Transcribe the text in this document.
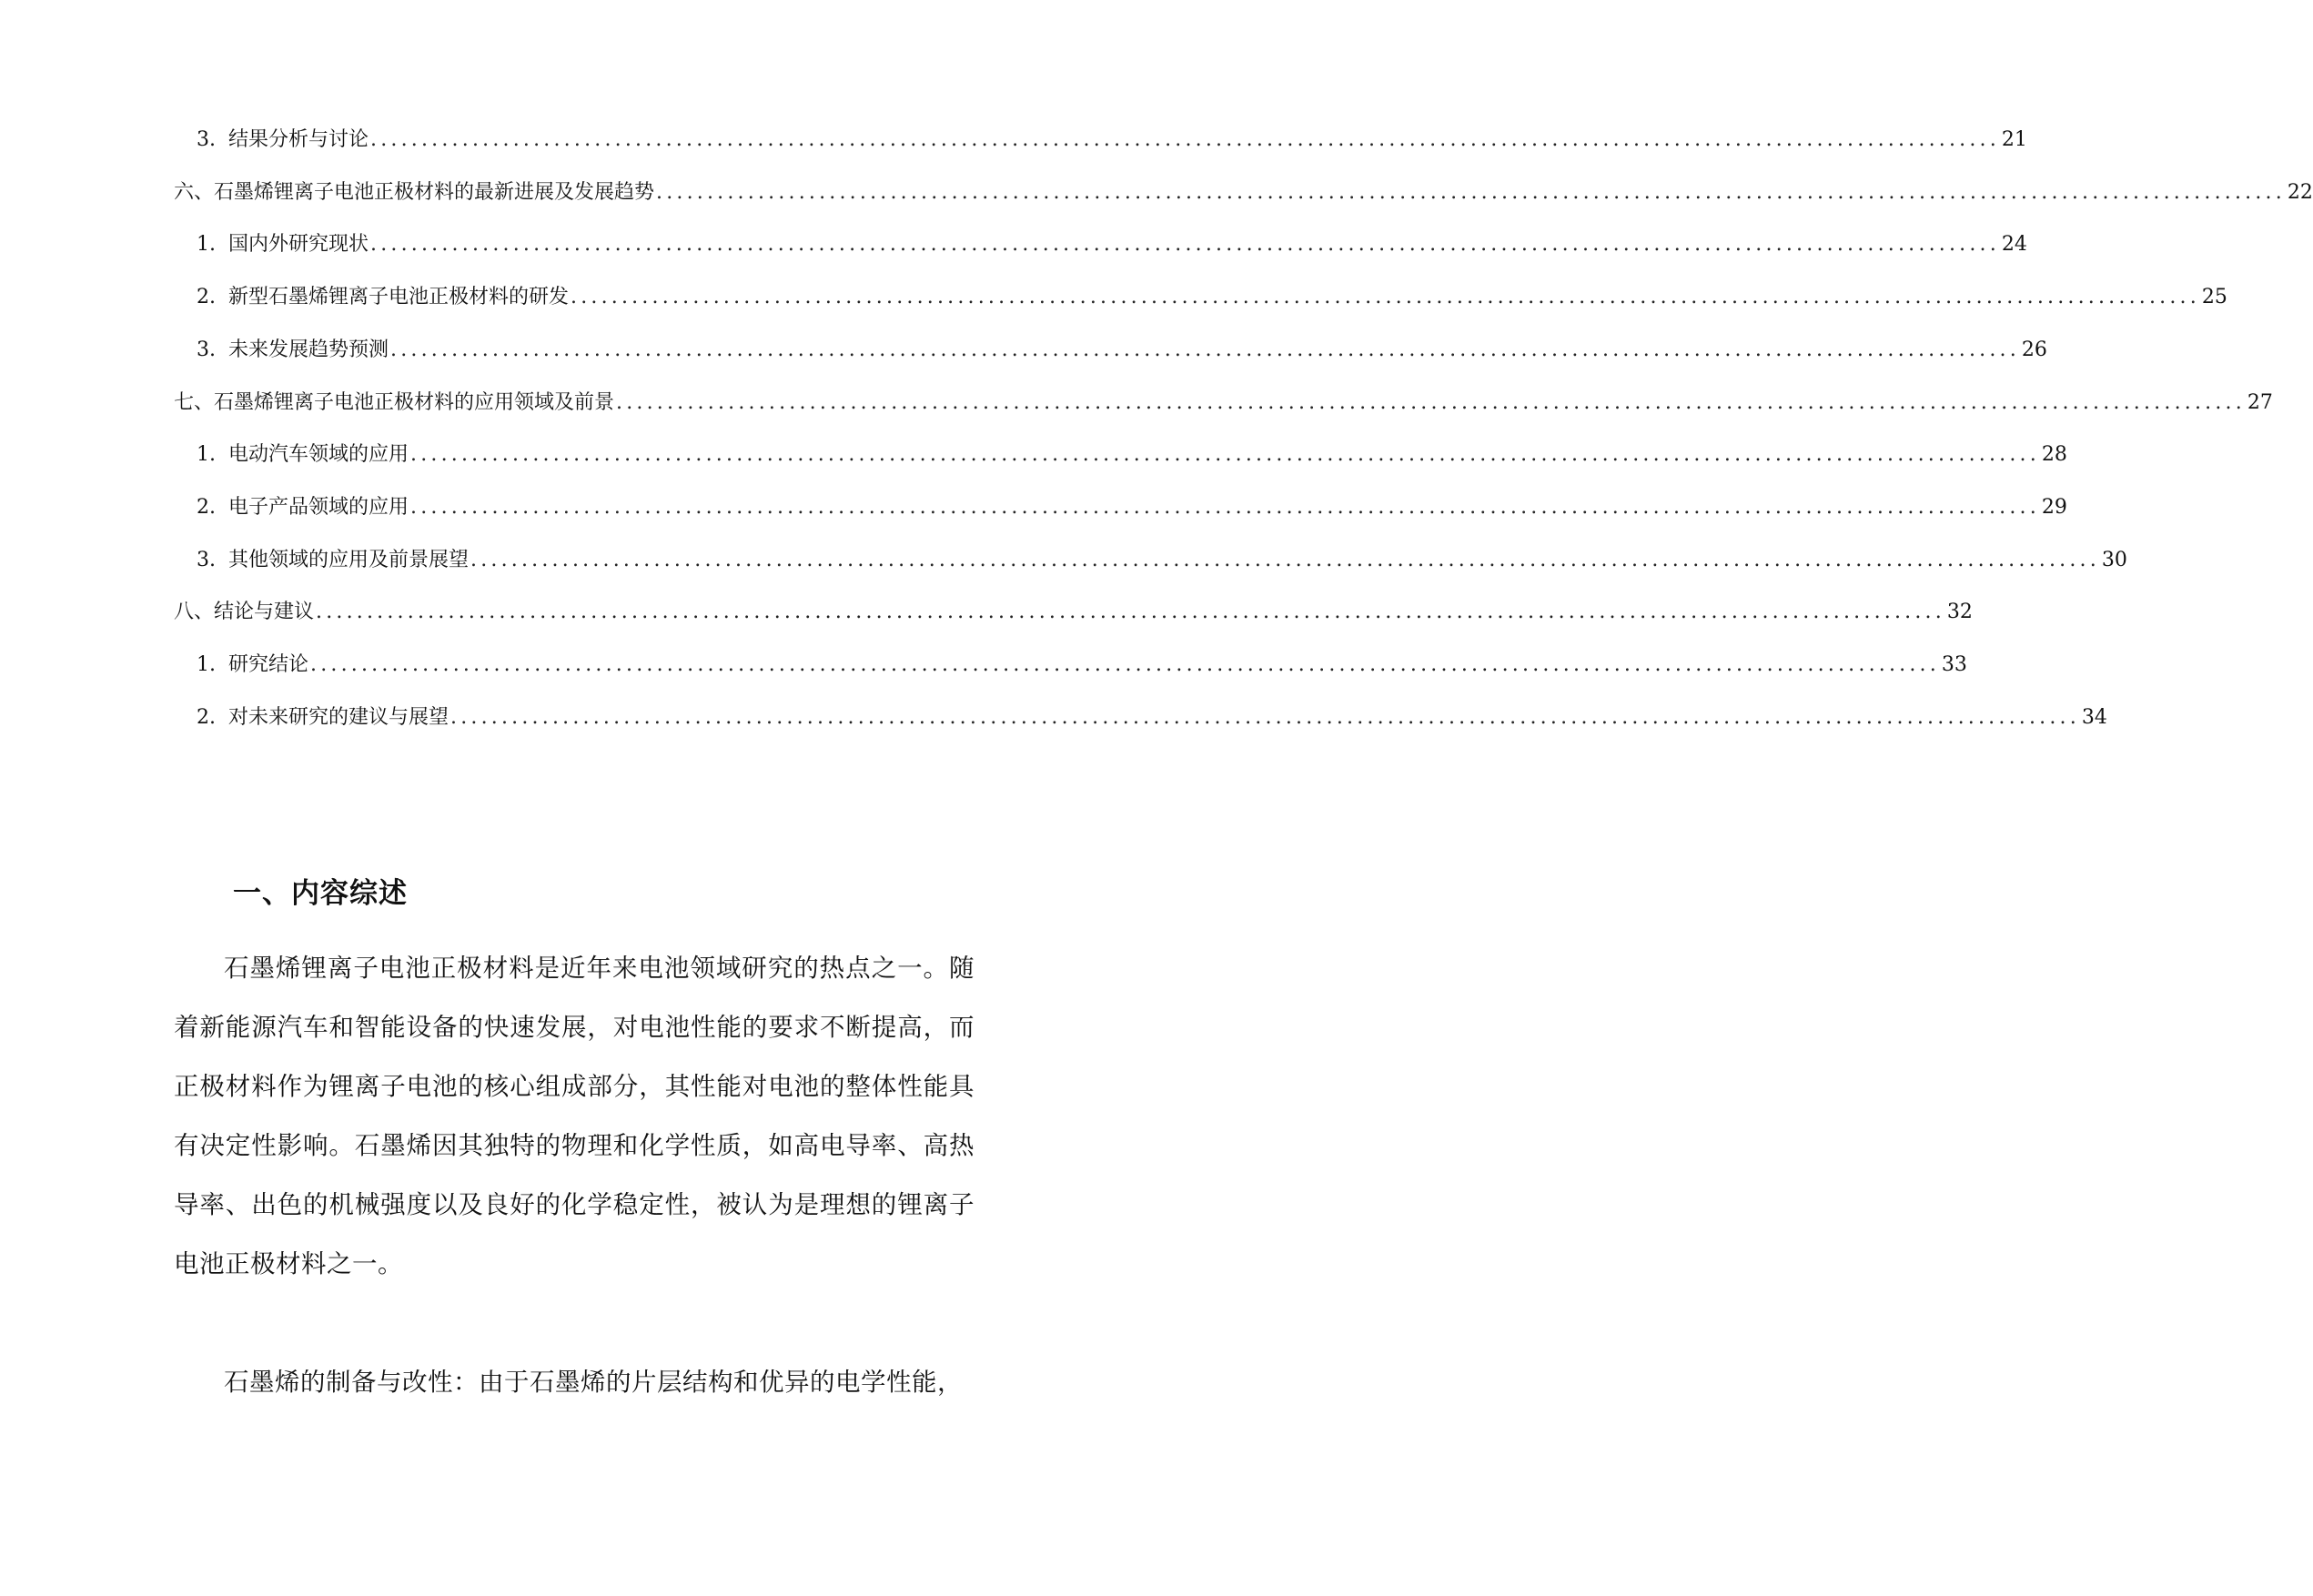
3. 结果分析与讨论 ................................................................................................................................................................ 21
六、石墨烯锂离子电池正极材料的最新进展及发展趋势 ................................................................................................................................................................ 22
1. 国内外研究现状 ................................................................................................................................................................ 24
2. 新型石墨烯锂离子电池正极材料的研发 ................................................................................................................................................................ 25
3. 未来发展趋势预测 ................................................................................................................................................................ 26
七、石墨烯锂离子电池正极材料的应用领域及前景 ................................................................................................................................................................ 27
1. 电动汽车领域的应用 ................................................................................................................................................................ 28
2. 电子产品领域的应用 ................................................................................................................................................................ 29
3. 其他领域的应用及前景展望 ................................................................................................................................................................ 30
八、结论与建议 ................................................................................................................................................................ 32
1. 研究结论 ................................................................................................................................................................ 33
2. 对未来研究的建议与展望 ................................................................................................................................................................ 34
一、内容综述

石墨烯锂离子电池正极材料是近年来电池领域研究的热点之一。随着新能源汽车和智能设备的快速发展，对电池性能的要求不断提高，而正极材料作为锂离子电池的核心组成部分，其性能对电池的整体性能具有决定性影响。石墨烯因其独特的物理和化学性质，如高电导率、高热导率、出色的机械强度以及良好的化学稳定性，被认为是理想的锂离子电池正极材料之一。

石墨烯的制备与改性：由于石墨烯的片层结构和优异的电学性能，
